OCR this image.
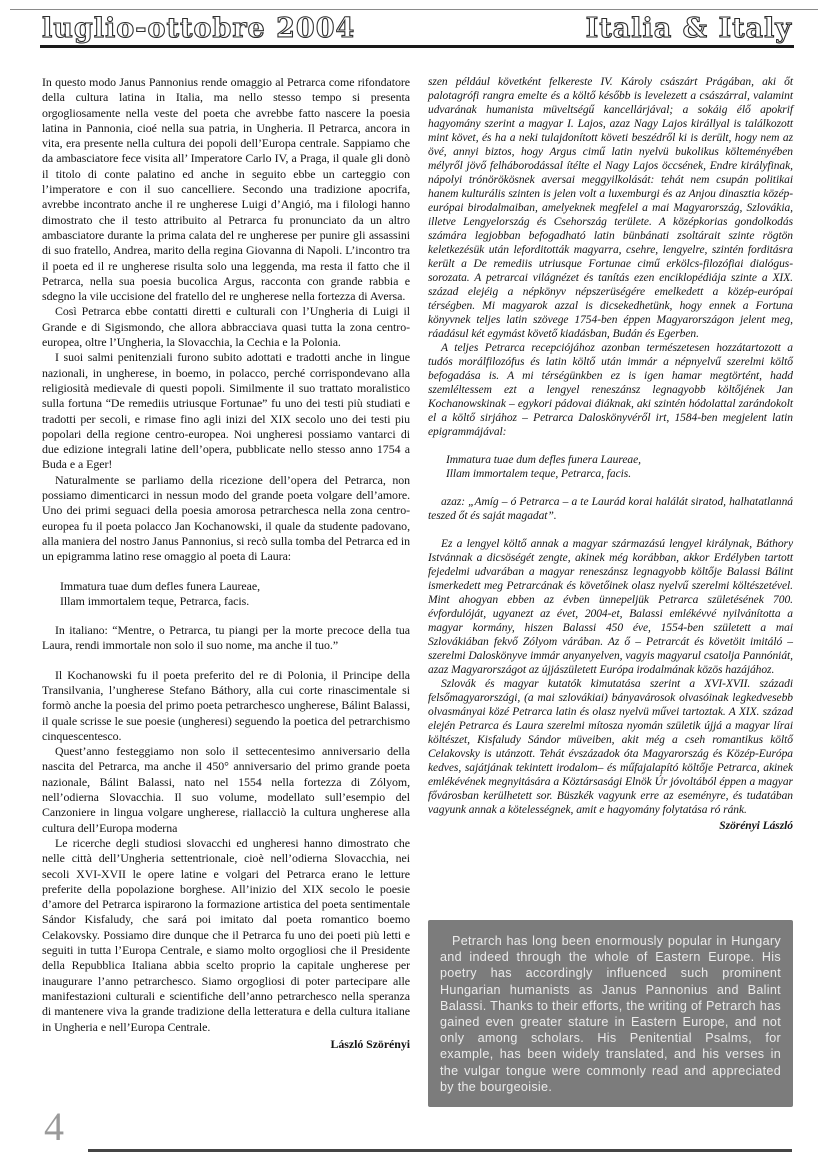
luglio-ottobre 2004	Italia & Italy

In questo modo Janus Pannonius rende omaggio al Petrarca come rifondatore della cultura latina in Italia, ma nello stesso tempo si presenta orgogliosamente nella veste del poeta che avrebbe fatto nascere la poesia latina in Pannonia, cioé nella sua patria, in Ungheria. Il Petrarca, ancora in vita, era presente nella cultura dei popoli dell’Europa centrale. Sappiamo che da ambasciatore fece visita all’ Imperatore Carlo IV, a Praga, il quale gli donò il titolo di conte palatino ed anche in seguito ebbe un carteggio con l’imperatore e con il suo cancelliere. Secondo una tradizione apocrifa, avrebbe incontrato anche il re ungherese Luigi d’Angió, ma i filologi hanno dimostrato che il testo attribuito al Petrarca fu pronunciato da un altro ambasciatore durante la prima calata del re ungherese per punire gli assassini di suo fratello, Andrea, marito della regina Giovanna di Napoli. L’incontro tra il poeta ed il re ungherese risulta solo una leggenda, ma resta il fatto che il Petrarca, nella sua poesia bucolica Argus, racconta con grande rabbia e sdegno la vile uccisione del fratello del re ungherese nella fortezza di Aversa.

Così Petrarca ebbe contatti diretti e culturali con l’Ungheria di Luigi il Grande e di Sigismondo, che allora abbracciava quasi tutta la zona centro-europea, oltre l’Ungheria, la Slovacchia, la Cechia e la Polonia.

I suoi salmi penitenziali furono subito adottati e tradotti anche in lingue nazionali, in ungherese, in boemo, in polacco, perché corrispondevano alla religiosità medievale di questi popoli. Similmente il suo trattato moralistico sulla fortuna “De remediis utriusque Fortunae” fu uno dei testi più studiati e tradotti per secoli, e rimase fino agli inizi del XIX secolo uno dei testi piu popolari della regione centro-europea. Noi ungheresi possiamo vantarci di due edizione integrali latine dell’opera, pubblicate nello stesso anno 1754 a Buda e a Eger!

Naturalmente se parliamo della ricezione dell’opera del Petrarca, non possiamo dimenticarci in nessun modo del grande poeta volgare dell’amore. Uno dei primi seguaci della poesia amorosa petrarchesca nella zona centro-europea fu il poeta polacco Jan Kochanowski, il quale da studente padovano, alla maniera del nostro Janus Pannonius, si recò sulla tomba del Petrarca ed in un epigramma latino rese omaggio al poeta di Laura:

Immatura tuae dum defles funera Laureae,
Illam immortalem teque, Petrarca, facis.

In italiano: “Mentre, o Petrarca, tu piangi per la morte precoce della tua Laura, rendi immortale non solo il suo nome, ma anche il tuo.”

Il Kochanowski fu il poeta preferito del re di Polonia, il Principe della Transilvania, l’ungherese Stefano Báthory, alla cui corte rinascimentale si formò anche la poesia del primo poeta petrarchesco ungherese, Bálint Balassi, il quale scrisse le sue poesie (ungheresi) seguendo la poetica del petrarchismo cinquescentesco.

Quest’anno festeggiamo non solo il settecentesimo anniversario della nascita del Petrarca, ma anche il 450° anniversario del primo grande poeta nazionale, Bálint Balassi, nato nel 1554 nella fortezza di Zólyom, nell’odierna Slovacchia. Il suo volume, modellato sull’esempio del Canzoniere in lingua volgare ungherese, riallacciò la cultura ungherese alla cultura dell’Europa moderna

Le ricerche degli studiosi slovacchi ed ungheresi hanno dimostrato che nelle città dell’Ungheria settentrionale, cioè nell’odierna Slovacchia, nei secoli XVI-XVII le opere latine e volgari del Petrarca erano le letture preferite della popolazione borghese. All’inizio del XIX secolo le poesie d’amore del Petrarca ispirarono la formazione artistica del poeta sentimentale Sándor Kisfaludy, che sará poi imitato dal poeta romantico boemo Celakovsky. Possiamo dire dunque che il Petrarca fu uno dei poeti più letti e seguiti in tutta l’Europa Centrale, e siamo molto orgogliosi che il Presidente della Repubblica Italiana abbia scelto proprio la capitale ungherese per inaugurare l’anno petrarchesco. Siamo orgogliosi di poter partecipare alle manifestazioni culturali e scientifiche dell’anno petrarchesco nella speranza di mantenere viva la grande tradizione della letteratura e della cultura italiane in Ungheria e nell’Europa Centrale.

László Szörényi

szen például követként felkereste IV. Károly császárt Prágában, aki őt palotagrófi rangra emelte és a költő később is levelezett a császárral, valamint udvarának humanista müveltségű kancellárjával; a sokáig élő apokrif hagyomány szerint a magyar I. Lajos, azaz Nagy Lajos királlyal is találkozott mint követ, és ha a neki tulajdonított követi beszédről ki is derült, hogy nem az övé, annyi biztos, hogy Argus cimű latin nyelvü bukolikus költeményében mélyről jövő felháborodással ítélte el Nagy Lajos öccsének, Endre királyfinak, nápolyi trónörökösnek aversai meggyilkolását: tehát nem csupán politikai hanem kulturális szinten is jelen volt a luxemburgi és az Anjou dinasztia közép-európai birodalmaiban, amelyeknek megfelel a mai Magyarország, Szlovákia, illetve Lengyelország és Csehország területe. A középkorias gondolkodás számára legjobban befogadható latin bünbánati zsoltárait szinte rögtön keletkezésük után leforditották magyarra, csehre, lengyelre, szintén forditásra került a De remediis utriusque Fortunae cimű erkölcs-filozófiai dialógus-sorozata. A petrarcai világnézet és tanítás ezen enciklopédiája szinte a XIX. század elejéig a népkönyv népszerüségére emelkedett a közép-európai térségben. Mi magyarok azzal is dicsekedhetünk, hogy ennek a Fortuna könyvnek teljes latin szövege 1754-ben éppen Magyarországon jelent meg, ráadásul két egymást követő kiadásban, Budán és Egerben.

A teljes Petrarca recepciójához azonban természetesen hozzátartozott a tudós morálfilozófus és latin költő után immár a népnyelvű szerelmi költő befogadása is. A mi térségünkben ez is igen hamar megtörtént, hadd szemléltessem ezt a lengyel reneszánsz legnagyobb költőjének Jan Kochanowskinak – egykori pádovai diáknak, aki szintén hódolattal zarándokolt el a költő sirjához – Petrarca Daloskönyvéről irt, 1584-ben megjelent latin epigrammájával:

Immatura tuae dum defles funera Laureae,
Illam immortalem teque, Petrarca, facis.

azaz: „Amíg – ó Petrarca – a te Laurád korai halálát siratod, halhatatlanná teszed őt és saját magadat”.

Ez a lengyel költő annak a magyar származású lengyel királynak, Báthory Istvánnak a dicsöségét zengte, akinek még korábban, akkor Erdélyben tartott fejedelmi udvarában a magyar reneszánsz legnagyobb költője Balassi Bálint ismerkedett meg Petrarcának és követőinek olasz nyelvű szerelmi költészetével. Mint ahogyan ebben az évben ünnepeljük Petrarca születésének 700. évfordulóját, ugyanezt az évet, 2004-et, Balassi emlékévvé nyilvánította a magyar kormány, hiszen Balassi 450 éve, 1554-ben született a mai Szlovákiában fekvő Zólyom várában. Az ő – Petrarcát és követöit imitáló – szerelmi Daloskönyve immár anyanyelven, vagyis magyarul csatolja Pannóniát, azaz Magyarországot az újjászületett Európa irodalmának közös hazájához.

Szlovák és magyar kutatók kimutatása szerint a XVI-XVII. századi felsőmagyarországi, (a mai szlovákiai) bányavárosok olvasóinak legkedvesebb olvasmányai közé Petrarca latin és olasz nyelvü művei tartoztak. A XIX. század elején Petrarca és Laura szerelmi mítosza nyomán születik újjá a magyar lírai költészet, Kisfaludy Sándor müveiben, akit még a cseh romantikus költő Celakovsky is utánzott. Tehát évszázadok óta Magyarország és Közép-Európa kedves, sajátjának tekintett irodalom– és műfajalapító költője Petrarca, akinek emlékévének megnyitására a Köztársasági Elnök Úr jóvoltából éppen a magyar fővárosban kerülhetett sor. Büszkék vagyunk erre az eseményre, és tudatában vagyunk annak a kötelességnek, amit e hagyomány folytatása ró ránk.

Szörényi László

Petrarch has long been enormously popular in Hungary and indeed through the whole of Eastern Europe. His poetry has accordingly influenced such prominent Hungarian humanists as Janus Pannonius and Balint Balassi. Thanks to their efforts, the writing of Petrarch has gained even greater stature in Eastern Europe, and not only among scholars. His Penitential Psalms, for example, has been widely translated, and his verses in the vulgar tongue were commonly read and appreciated by the bourgeoisie.
4
